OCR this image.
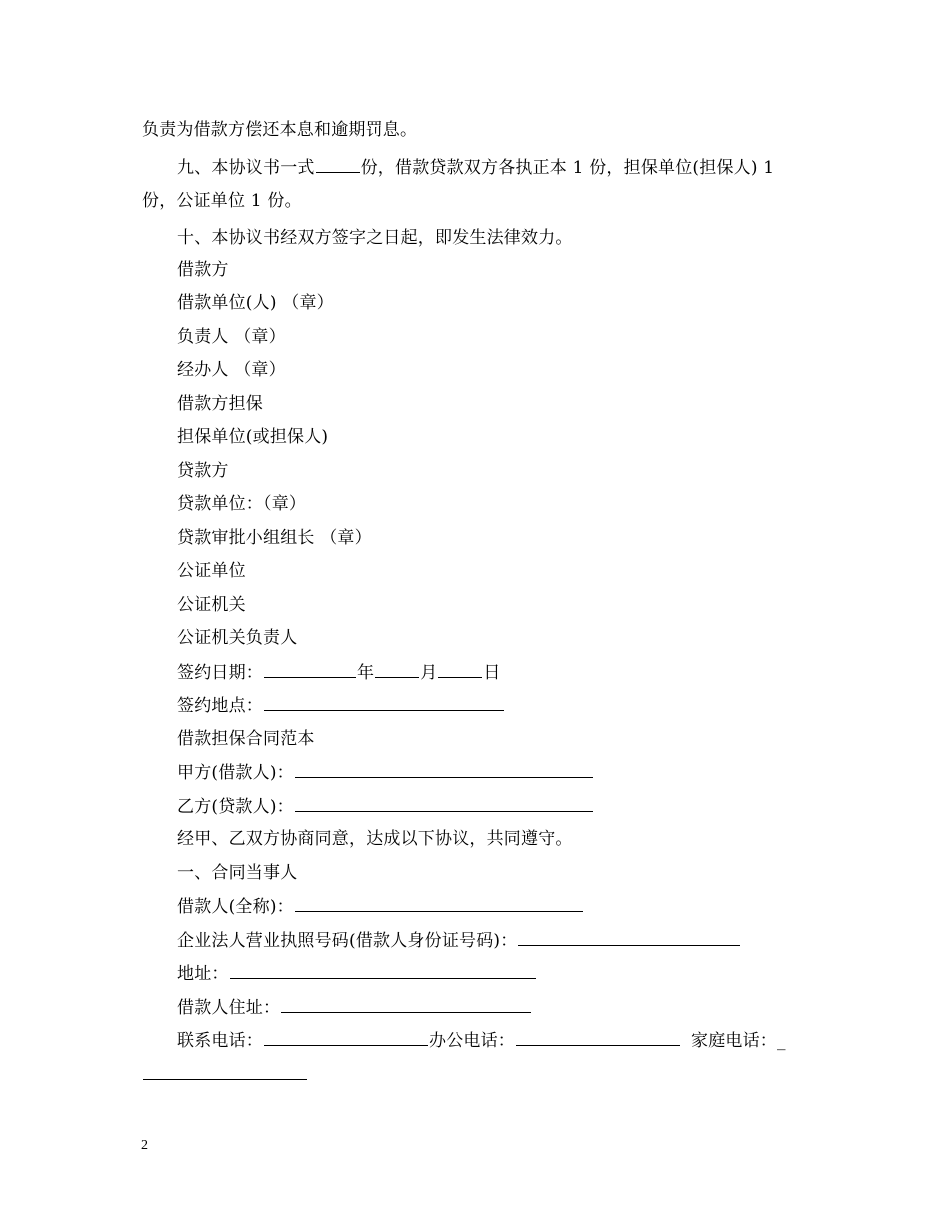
负责为借款方偿还本息和逾期罚息。
九、本协议书一式	份，借款贷款双方各执正本 1 份，担保单位(担保人) 1
份，公证单位 1 份。
十、本协议书经双方签字之日起，即发生法律效力。
借款方
借款单位(人) （章）
负责人 （章）
经办人 （章）
借款方担保
担保单位(或担保人)
贷款方
贷款单位：（章）
贷款审批小组组长 （章）
公证单位
公证机关
公证机关负责人
签约日期：	年	月	日
签约地点：
借款担保合同范本
甲方(借款人)：
乙方(贷款人)：
经甲、乙双方协商同意，达成以下协议，共同遵守。
一、合同当事人
借款人(全称)：
企业法人营业执照号码(借款人身份证号码)：
地址：
借款人住址：
联系电话：	办公电话：	家庭电话：_
2
